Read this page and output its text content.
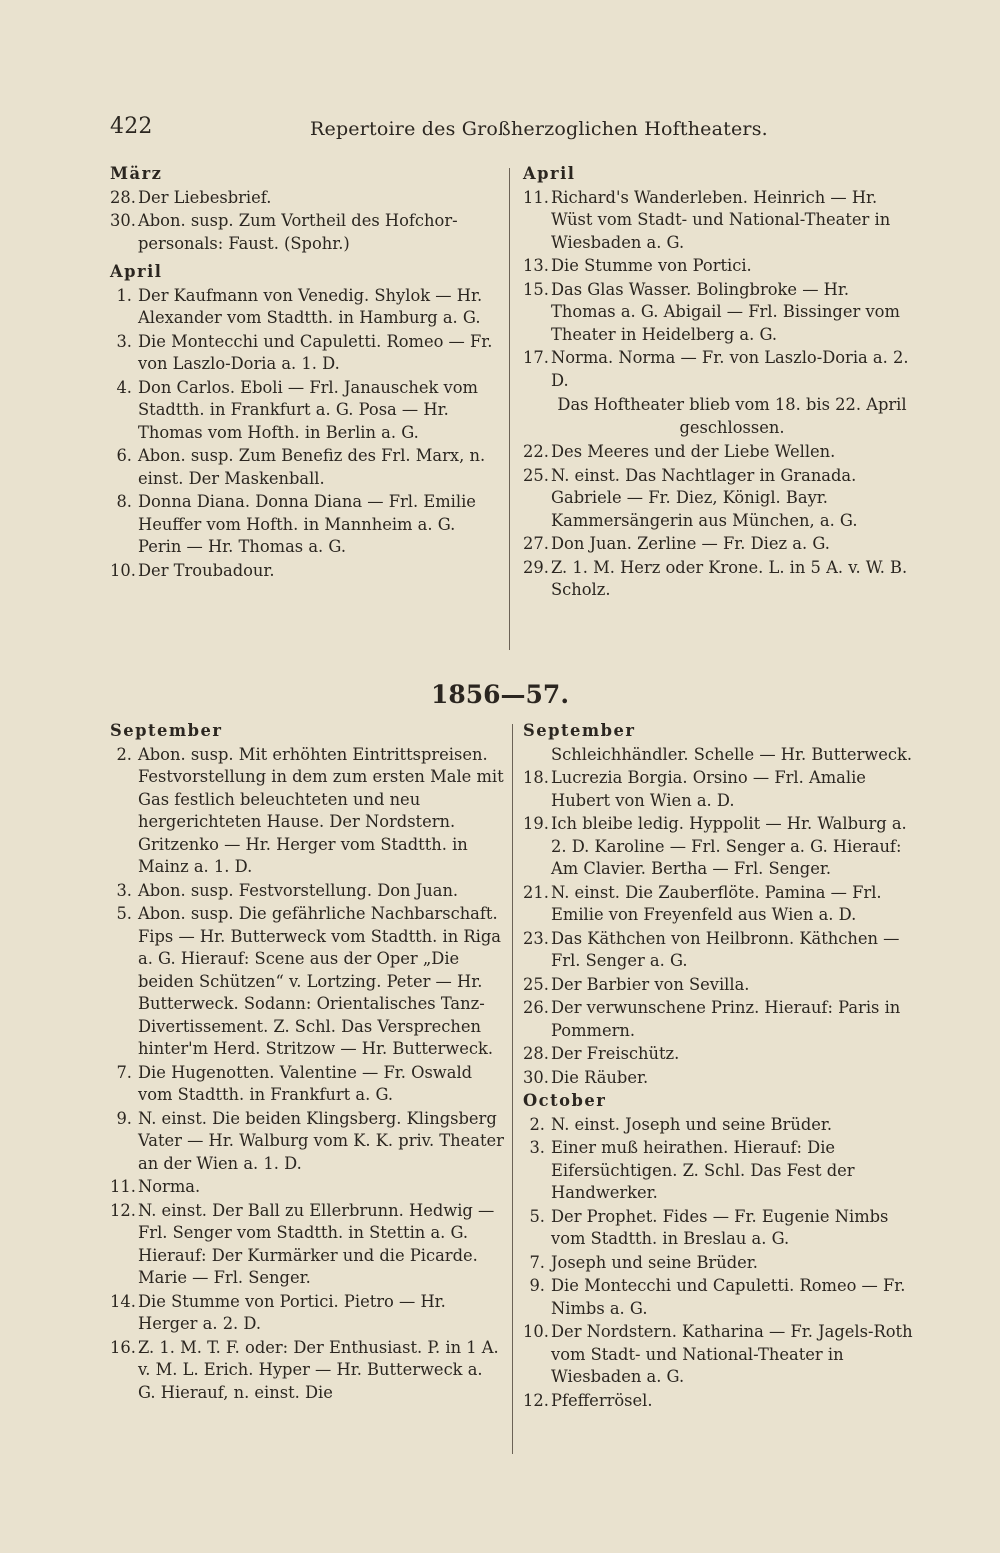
422	Repertoire des Großherzoglichen Hoftheaters.
März
28. Der Liebesbrief.
30. Abon. susp. Zum Vortheil des Hofchor-personals: Faust. (Spohr.)
April
1. Der Kaufmann von Venedig. Shylok — Hr. Alexander vom Stadtth. in Hamburg a. G.
3. Die Montecchi und Capuletti. Romeo — Fr. von Laszlo-Doria a. 1. D.
4. Don Carlos. Eboli — Frl. Janauschek vom Stadtth. in Frankfurt a. G. Posa — Hr. Thomas vom Hofth. in Berlin a. G.
6. Abon. susp. Zum Benefiz des Frl. Marx, n. einst. Der Maskenball.
8. Donna Diana. Donna Diana — Frl. Emilie Heuffer vom Hofth. in Mannheim a. G. Perin — Hr. Thomas a. G.
10. Der Troubadour.
April
11. Richard's Wanderleben. Heinrich — Hr. Wüst vom Stadt- und National-Theater in Wiesbaden a. G.
13. Die Stumme von Portici.
15. Das Glas Wasser. Bolingbroke — Hr. Thomas a. G. Abigail — Frl. Bissinger vom Theater in Heidelberg a. G.
17. Norma. Norma — Fr. von Laszlo-Doria a. 2. D.
Das Hoftheater blieb vom 18. bis 22. April geschlossen.
22. Des Meeres und der Liebe Wellen.
25. N. einst. Das Nachtlager in Granada. Gabriele — Fr. Diez, Königl. Bayr. Kammersängerin aus München, a. G.
27. Don Juan. Zerline — Fr. Diez a. G.
29. Z. 1. M. Herz oder Krone. L. in 5 A. v. W. B. Scholz.
1856—57.
September
2. Abon. susp. Mit erhöhten Eintrittspreisen. Festvorstellung in dem zum ersten Male mit Gas festlich beleuchteten und neu hergerichteten Hause. Der Nordstern. Gritzenko — Hr. Herger vom Stadtth. in Mainz a. 1. D.
3. Abon. susp. Festvorstellung. Don Juan.
5. Abon. susp. Die gefährliche Nachbarschaft. Fips — Hr. Butterweck vom Stadtth. in Riga a. G. Hierauf: Scene aus der Oper „Die beiden Schützen“ v. Lortzing. Peter — Hr. Butterweck. Sodann: Orientalisches Tanz-Divertissement. Z. Schl. Das Versprechen hinter'm Herd. Stritzow — Hr. Butterweck.
7. Die Hugenotten. Valentine — Fr. Oswald vom Stadtth. in Frankfurt a. G.
9. N. einst. Die beiden Klingsberg. Klingsberg Vater — Hr. Walburg vom K. K. priv. Theater an der Wien a. 1. D.
11. Norma.
12. N. einst. Der Ball zu Ellerbrunn. Hedwig — Frl. Senger vom Stadtth. in Stettin a. G. Hierauf: Der Kurmärker und die Picarde. Marie — Frl. Senger.
14. Die Stumme von Portici. Pietro — Hr. Herger a. 2. D.
16. Z. 1. M. T. F. oder: Der Enthusiast. P. in 1 A. v. M. L. Erich. Hyper — Hr. Butterweck a. G. Hierauf, n. einst. Die
September
Schleichhändler. Schelle — Hr. Butterweck.
18. Lucrezia Borgia. Orsino — Frl. Amalie Hubert von Wien a. D.
19. Ich bleibe ledig. Hyppolit — Hr. Walburg a. 2. D. Karoline — Frl. Senger a. G. Hierauf: Am Clavier. Bertha — Frl. Senger.
21. N. einst. Die Zauberflöte. Pamina — Frl. Emilie von Freyenfeld aus Wien a. D.
23. Das Käthchen von Heilbronn. Käthchen — Frl. Senger a. G.
25. Der Barbier von Sevilla.
26. Der verwunschene Prinz. Hierauf: Paris in Pommern.
28. Der Freischütz.
30. Die Räuber.
October
2. N. einst. Joseph und seine Brüder.
3. Einer muß heirathen. Hierauf: Die Eifersüchtigen. Z. Schl. Das Fest der Handwerker.
5. Der Prophet. Fides — Fr. Eugenie Nimbs vom Stadtth. in Breslau a. G.
7. Joseph und seine Brüder.
9. Die Montecchi und Capuletti. Romeo — Fr. Nimbs a. G.
10. Der Nordstern. Katharina — Fr. Jagels-Roth vom Stadt- und National-Theater in Wiesbaden a. G.
12. Pfefferrösel.
